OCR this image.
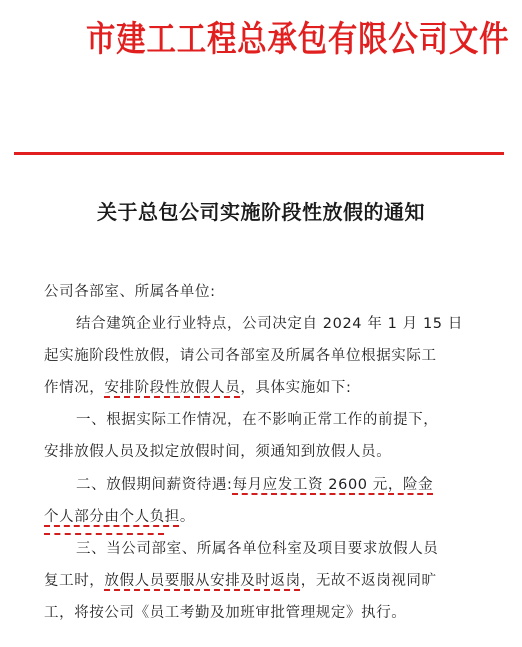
市建工工程总承包有限公司文件
关于总包公司实施阶段性放假的通知
公司各部室、所属各单位:
结合建筑企业行业特点，公司决定自 2024 年 1 月 15 日
起实施阶段性放假，请公司各部室及所属各单位根据实际工
作情况，安排阶段性放假人员，具体实施如下:
一、根据实际工作情况，在不影响正常工作的前提下，
安排放假人员及拟定放假时间，须通知到放假人员。
二、放假期间薪资待遇:每月应发工资 2600 元，险金
个人部分由个人负担。
三、当公司部室、所属各单位科室及项目要求放假人员
复工时，放假人员要服从安排及时返岗，无故不返岗视同旷
工，将按公司《员工考勤及加班审批管理规定》执行。
